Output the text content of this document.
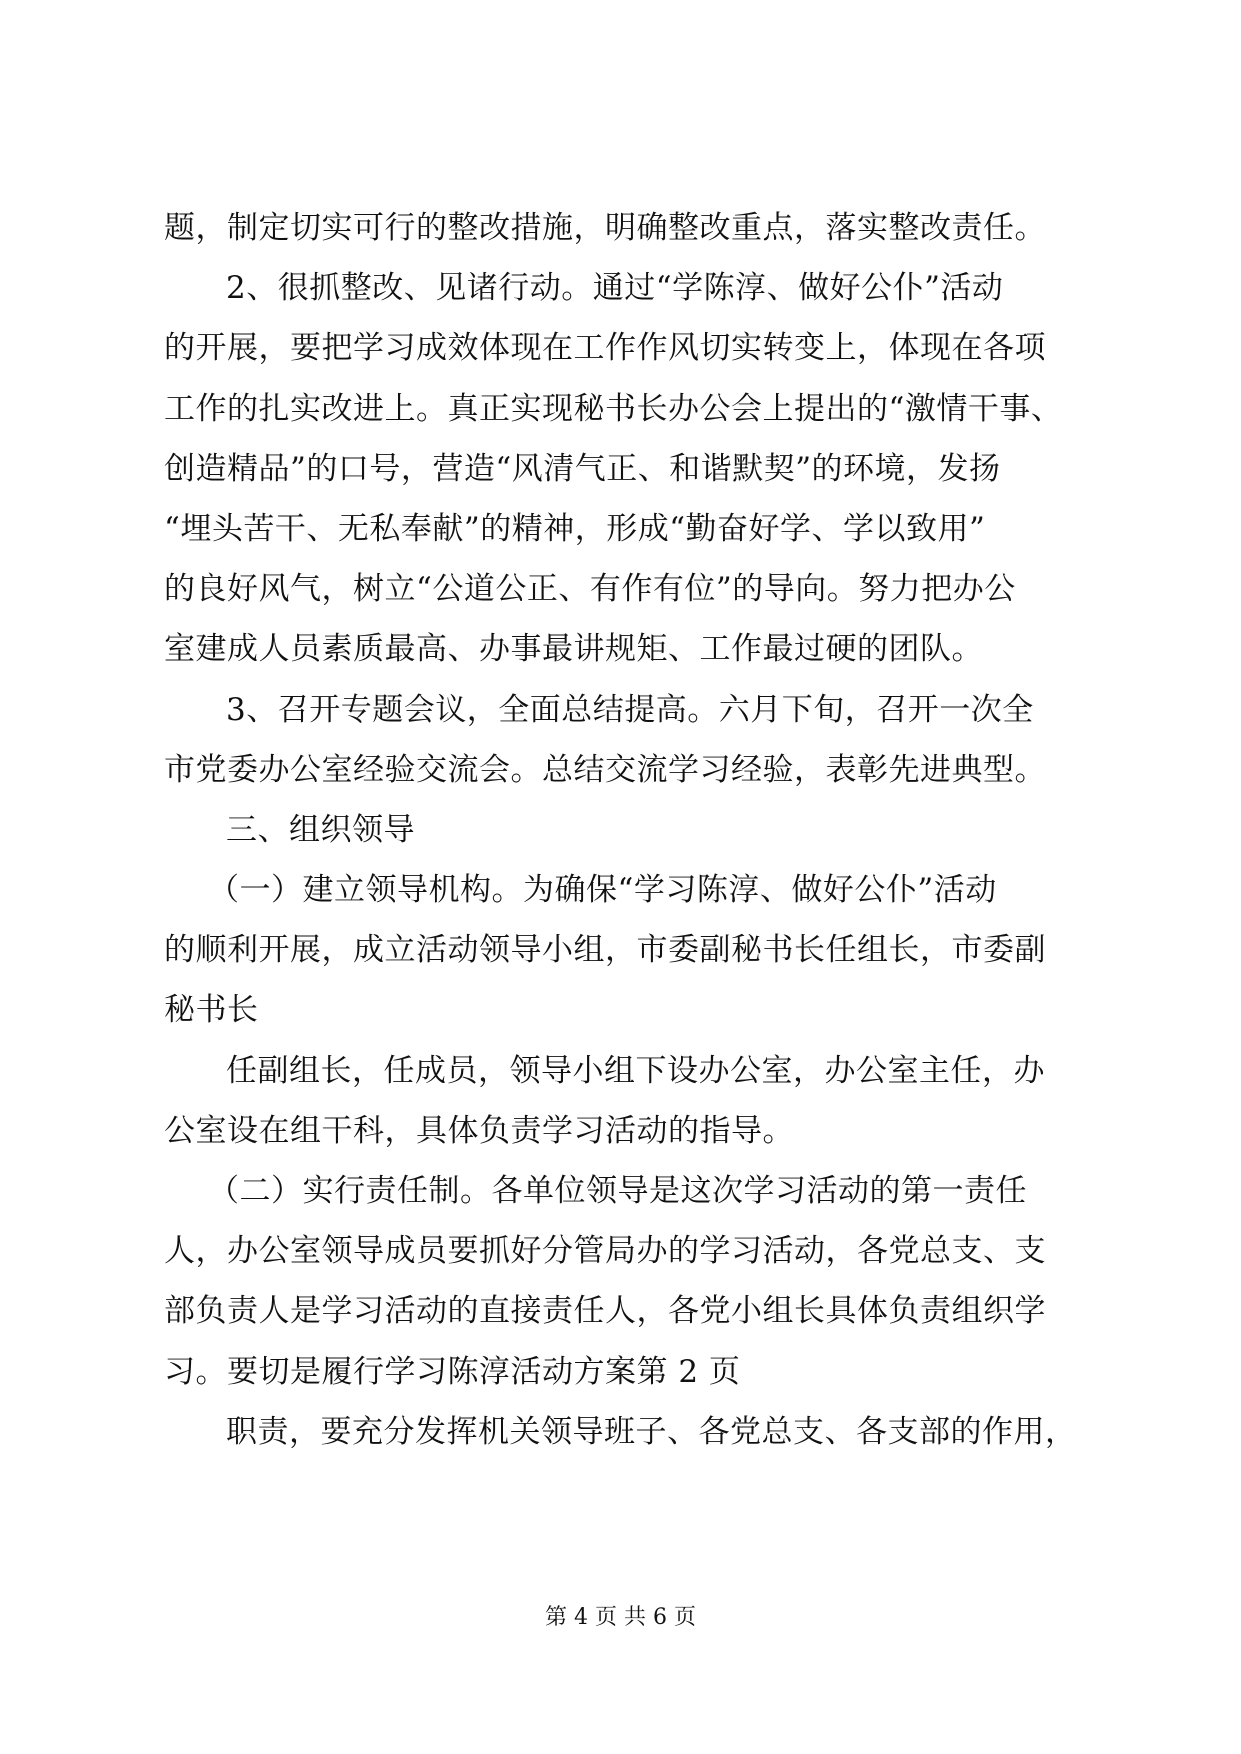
题，制定切实可行的整改措施，明确整改重点，落实整改责任。
2、很抓整改、见诸行动。通过“学陈淳、做好公仆”活动
的开展，要把学习成效体现在工作作风切实转变上，体现在各项
工作的扎实改进上。真正实现秘书长办公会上提出的“激情干事、
创造精品”的口号，营造“风清气正、和谐默契”的环境，发扬
“埋头苦干、无私奉献”的精神，形成“勤奋好学、学以致用”
的良好风气，树立“公道公正、有作有位”的导向。努力把办公
室建成人员素质最高、办事最讲规矩、工作最过硬的团队。
3、召开专题会议，全面总结提高。六月下旬，召开一次全
市党委办公室经验交流会。总结交流学习经验，表彰先进典型。
三、组织领导
（一）建立领导机构。为确保“学习陈淳、做好公仆”活动
的顺利开展，成立活动领导小组，市委副秘书长任组长，市委副
秘书长
任副组长，任成员，领导小组下设办公室，办公室主任，办
公室设在组干科，具体负责学习活动的指导。
（二）实行责任制。各单位领导是这次学习活动的第一责任
人，办公室领导成员要抓好分管局办的学习活动，各党总支、支
部负责人是学习活动的直接责任人，各党小组长具体负责组织学
习。要切是履行学习陈淳活动方案第 2 页
职责，要充分发挥机关领导班子、各党总支、各支部的作用，
第 4 页 共 6 页
